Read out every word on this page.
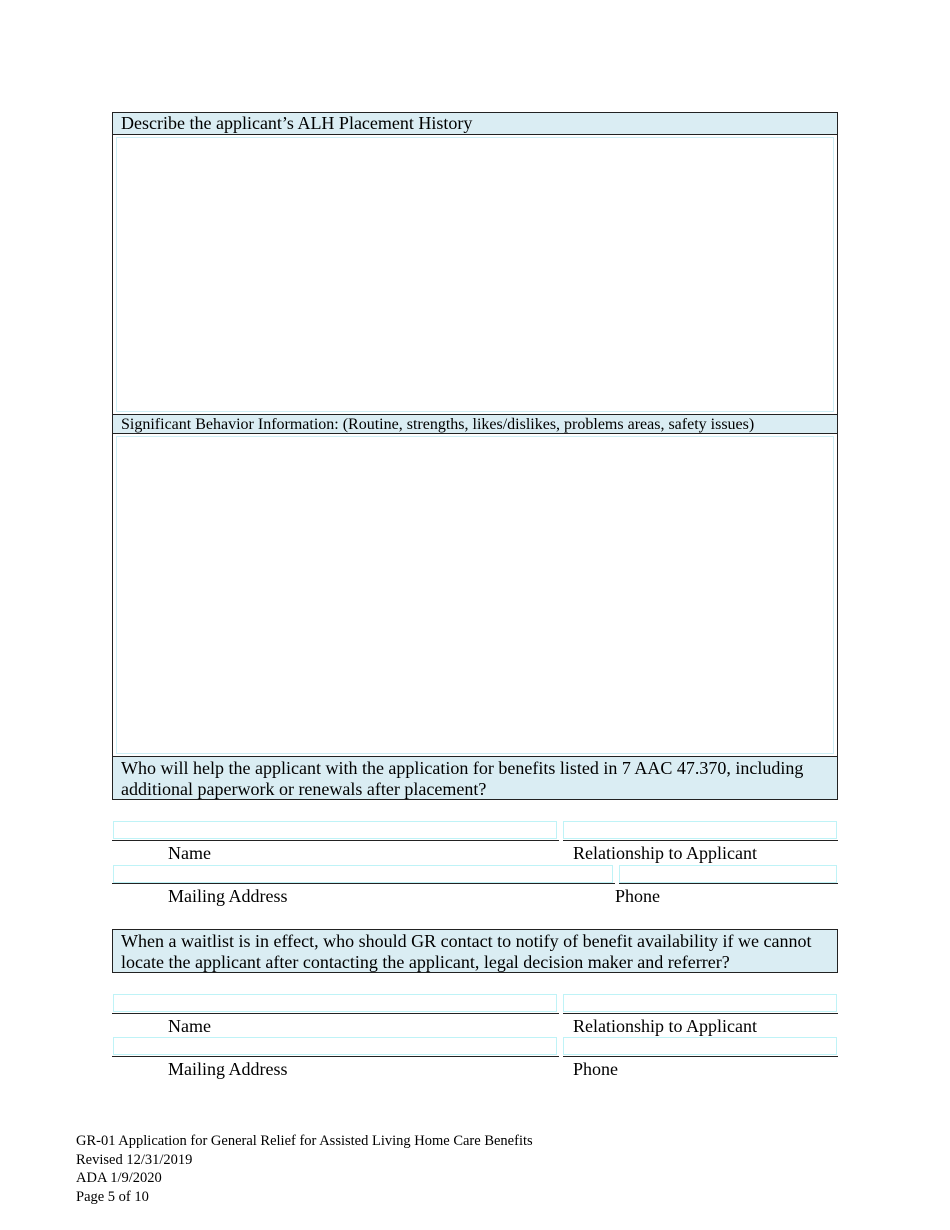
Describe the applicant’s ALH Placement History
Significant Behavior Information: (Routine, strengths, likes/dislikes, problems areas, safety issues)
Who will help the applicant with the application for benefits listed in 7 AAC 47.370, including additional paperwork or renewals after placement?
Name	Relationship to Applicant
Mailing Address	Phone
When a waitlist is in effect, who should GR contact to notify of benefit availability if we cannot locate the applicant after contacting the applicant, legal decision maker and referrer?
Name	Relationship to Applicant
Mailing Address	Phone
GR-01 Application for General Relief for Assisted Living Home Care Benefits
Revised 12/31/2019
ADA 1/9/2020
Page 5 of 10
